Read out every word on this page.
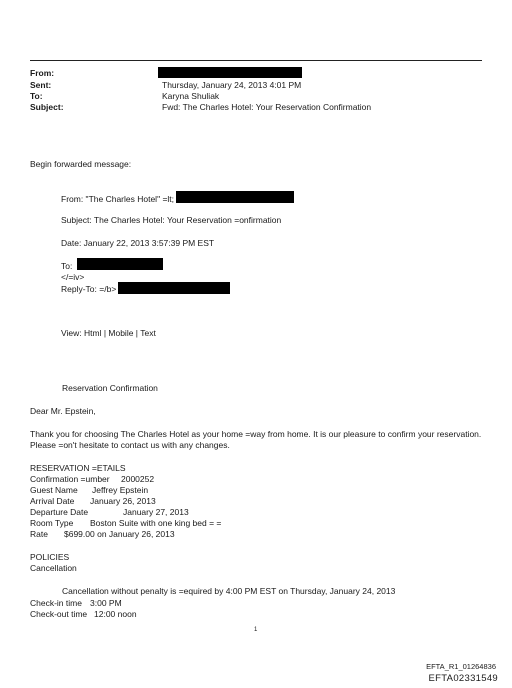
From:
Sent:	Thursday, January 24, 2013 4:01 PM
To:	Karyna Shuliak
Subject:	Fwd: The Charles Hotel: Your Reservation Confirmation
Begin forwarded message:
From: "The Charles Hotel" =lt;
Subject: The Charles Hotel: Your Reservation =onfirmation
Date: January 22, 2013 3:57:39 PM EST
To:
</=iv>
Reply-To: =/b>
View: Html | Mobile | Text
Reservation Confirmation
Dear Mr. Epstein,
Thank you for choosing The Charles Hotel as your home =way from home. It is our pleasure to confirm your reservation.
Please =on't hesitate to contact us with any changes.
RESERVATION =ETAILS
Confirmation =umber 2000252
Guest Name Jeffrey Epstein
Arrival Date January 26, 2013
Departure Date	January 27, 2013
Room Type Boston Suite with one king bed = =
Rate $699.00 on January 26, 2013
POLICIES
Cancellation
Cancellation without penalty is =equired by 4:00 PM EST on Thursday, January 24, 2013
Check-in time 3:00 PM
Check-out time 12:00 noon
1
EFTA_R1_01264836
EFTA02331549
